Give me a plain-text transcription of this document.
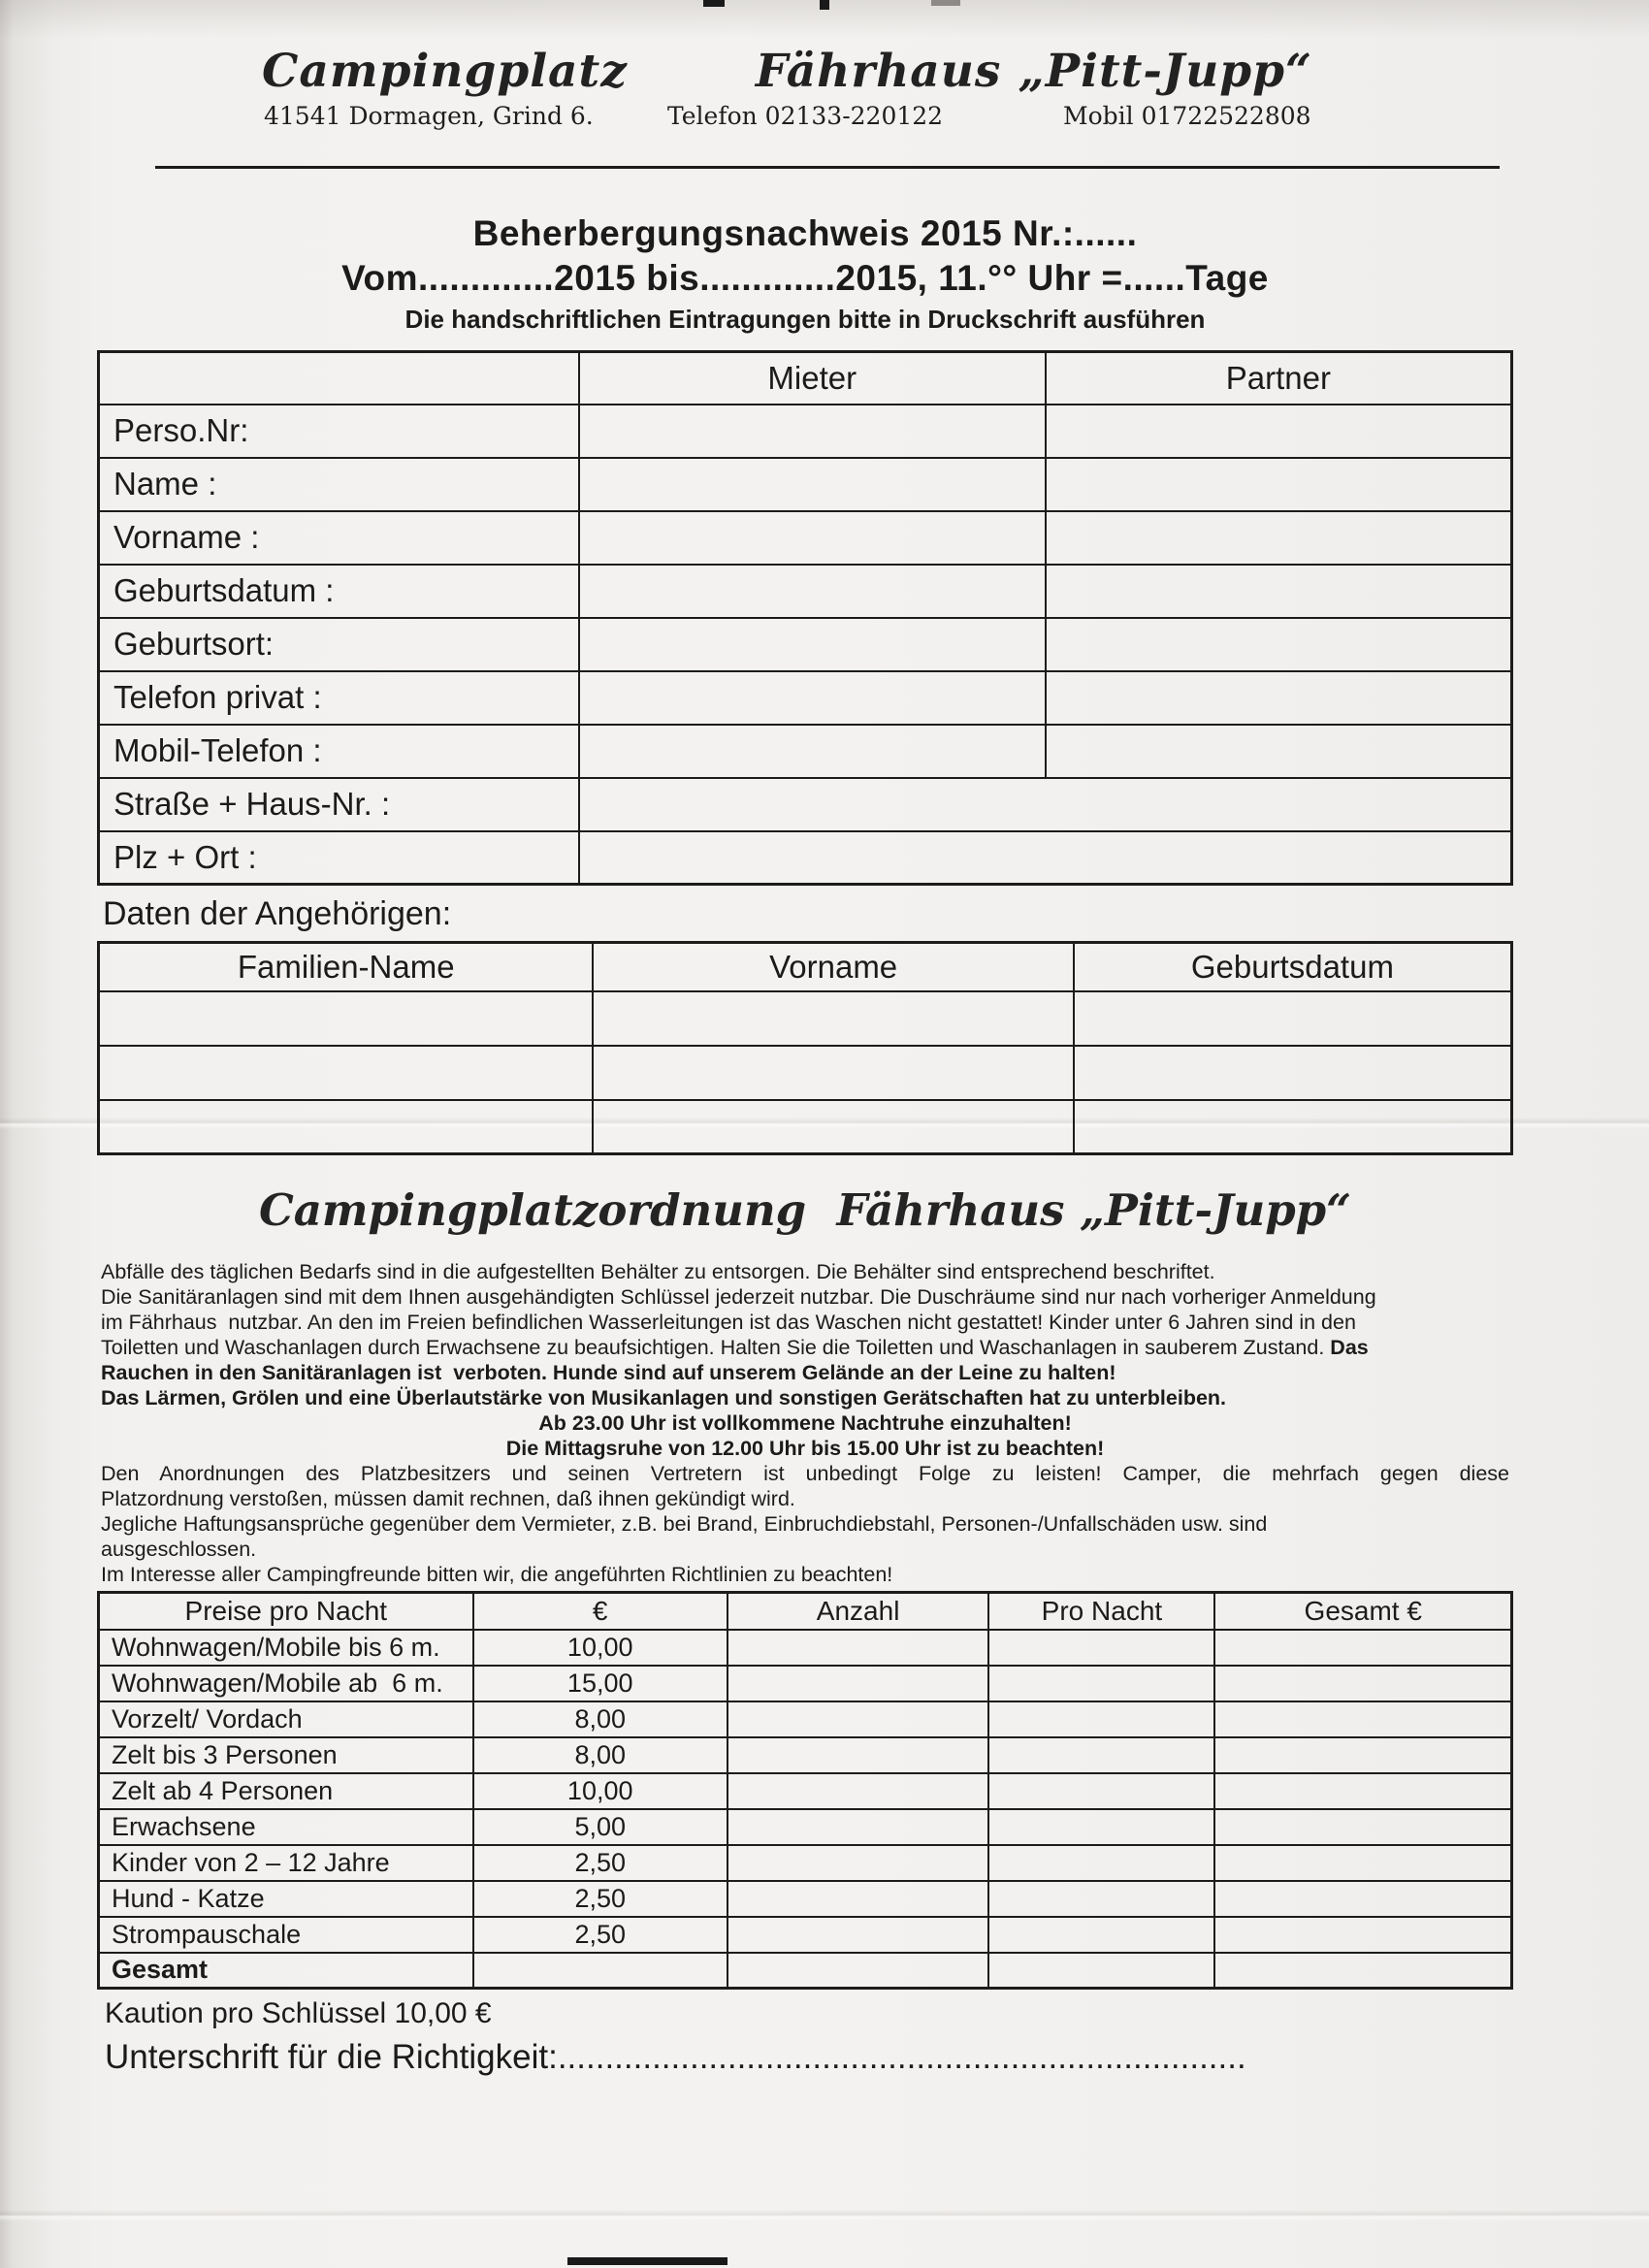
Campingplatz	Fährhaus „Pitt-Jupp“
41541 Dormagen, Grind 6.	Telefon 02133-220122	Mobil 01722522808
Beherbergungsnachweis 2015 Nr.:......
Vom.............2015 bis.............2015, 11.°° Uhr =......Tage
Die handschriftlichen Eintragungen bitte in Druckschrift ausführen
	Mieter	Partner
Perso.Nr:		
Name :		
Vorname :		
Geburtsdatum :		
Geburtsort:		
Telefon privat :		
Mobil-Telefon :		
Straße + Haus-Nr. :		
Plz + Ort :		
Daten der Angehörigen:
Familien-Name	Vorname	Geburtsdatum

Campingplatzordnung  Fährhaus „Pitt-Jupp“
Abfälle des täglichen Bedarfs sind in die aufgestellten Behälter zu entsorgen. Die Behälter sind entsprechend beschriftet.
Die Sanitäranlagen sind mit dem Ihnen ausgehändigten Schlüssel jederzeit nutzbar. Die Duschräume sind nur nach vorheriger Anmeldung
im Fährhaus  nutzbar. An den im Freien befindlichen Wasserleitungen ist das Waschen nicht gestattet! Kinder unter 6 Jahren sind in den
Toiletten und Waschanlagen durch Erwachsene zu beaufsichtigen. Halten Sie die Toiletten und Waschanlagen in sauberem Zustand. Das
Rauchen in den Sanitäranlagen ist  verboten. Hunde sind auf unserem Gelände an der Leine zu halten!
Das Lärmen, Grölen und eine Überlautstärke von Musikanlagen und sonstigen Gerätschaften hat zu unterbleiben.
Ab 23.00 Uhr ist vollkommene Nachtruhe einzuhalten!
Die Mittagsruhe von 12.00 Uhr bis 15.00 Uhr ist zu beachten!
Den Anordnungen des Platzbesitzers und seinen Vertretern ist unbedingt Folge zu leisten! Camper, die mehrfach gegen diese
Platzordnung verstoßen, müssen damit rechnen, daß ihnen gekündigt wird.
Jegliche Haftungsansprüche gegenüber dem Vermieter, z.B. bei Brand, Einbruchdiebstahl, Personen-/Unfallschäden usw. sind
ausgeschlossen.
Im Interesse aller Campingfreunde bitten wir, die angeführten Richtlinien zu beachten!
Preise pro Nacht	€	Anzahl	Pro Nacht	Gesamt €
Wohnwagen/Mobile bis 6 m.	10,00			
Wohnwagen/Mobile ab  6 m.	15,00			
Vorzelt/ Vordach	8,00			
Zelt bis 3 Personen	8,00			
Zelt ab 4 Personen	10,00			
Erwachsene	5,00			
Kinder von 2 – 12 Jahre	2,50			
Hund - Katze	2,50			
Strompauschale	2,50			
Gesamt				
Kaution pro Schlüssel 10,00 €
Unterschrift für die Richtigkeit:.........................................................................
